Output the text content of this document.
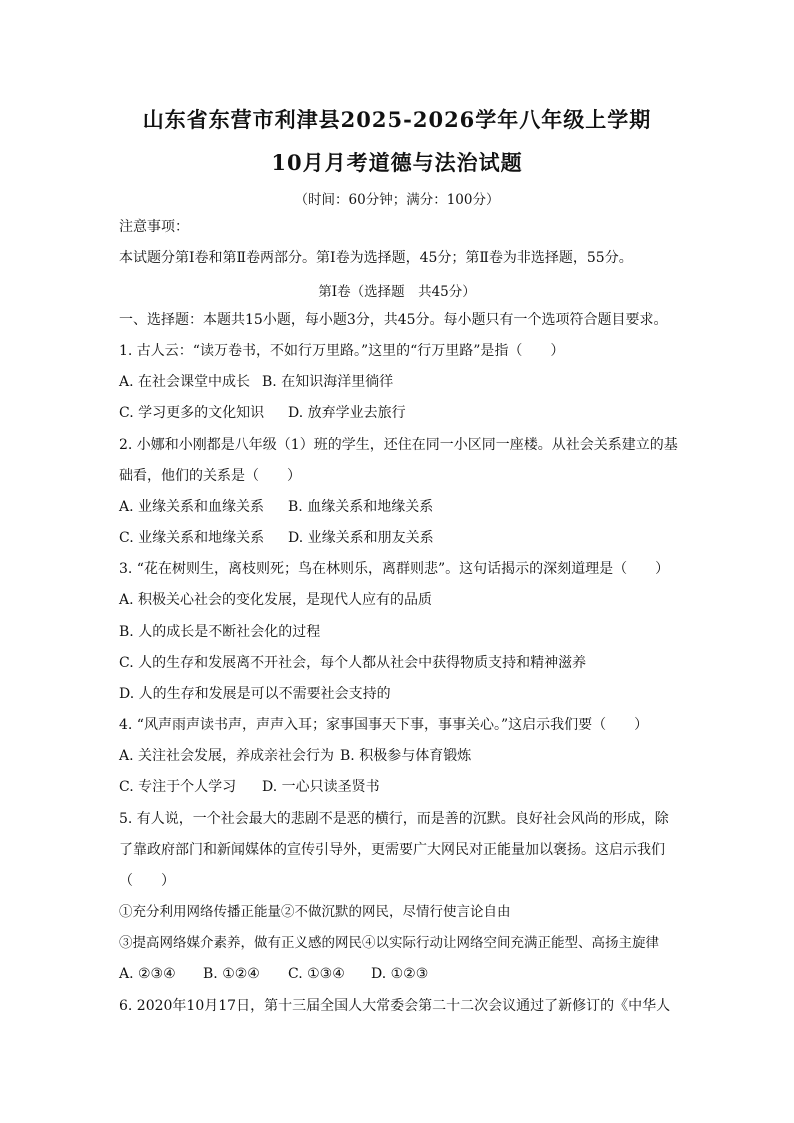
山东省东营市利津县2025-2026学年八年级上学期
10月月考道德与法治试题
（时间：60分钟；满分：100分）
注意事项：
本试题分第Ⅰ卷和第Ⅱ卷两部分。第Ⅰ卷为选择题，45分；第Ⅱ卷为非选择题，55分。
第Ⅰ卷（选择题　共45分）
一、选择题：本题共15小题，每小题3分，共45分。每小题只有一个选项符合题目要求。
1. 古人云：“读万卷书，不如行万里路。”这里的“行万里路”是指（　　）
A. 在社会课堂中成长 B. 在知识海洋里徜徉
C. 学习更多的文化知识 D. 放弃学业去旅行
2. 小娜和小刚都是八年级（1）班的学生，还住在同一小区同一座楼。从社会关系建立的基
础看，他们的关系是（　　）
A. 业缘关系和血缘关系 B. 血缘关系和地缘关系
C. 业缘关系和地缘关系 D. 业缘关系和朋友关系
3. “花在树则生，离枝则死；鸟在林则乐，离群则悲”。这句话揭示的深刻道理是（　　）
A. 积极关心社会的变化发展，是现代人应有的品质
B. 人的成长是不断社会化的过程
C. 人的生存和发展离不开社会，每个人都从社会中获得物质支持和精神滋养
D. 人的生存和发展是可以不需要社会支持的
4. “风声雨声读书声，声声入耳；家事国事天下事，事事关心。”这启示我们要（　　）
A. 关注社会发展，养成亲社会行为 B. 积极参与体育锻炼
C. 专注于个人学习 D. 一心只读圣贤书
5. 有人说，一个社会最大的悲剧不是恶的横行，而是善的沉默。良好社会风尚的形成，除
了靠政府部门和新闻媒体的宣传引导外，更需要广大网民对正能量加以褒扬。这启示我们
（　　）
①充分利用网络传播正能量②不做沉默的网民，尽情行使言论自由
③提高网络媒介素养，做有正义感的网民④以实际行动让网络空间充满正能型、高扬主旋律
A. ②③④ B. ①②④ C. ①③④ D. ①②③
6. 2020年10月17日，第十三届全国人大常委会第二十二次会议通过了新修订的《中华人
